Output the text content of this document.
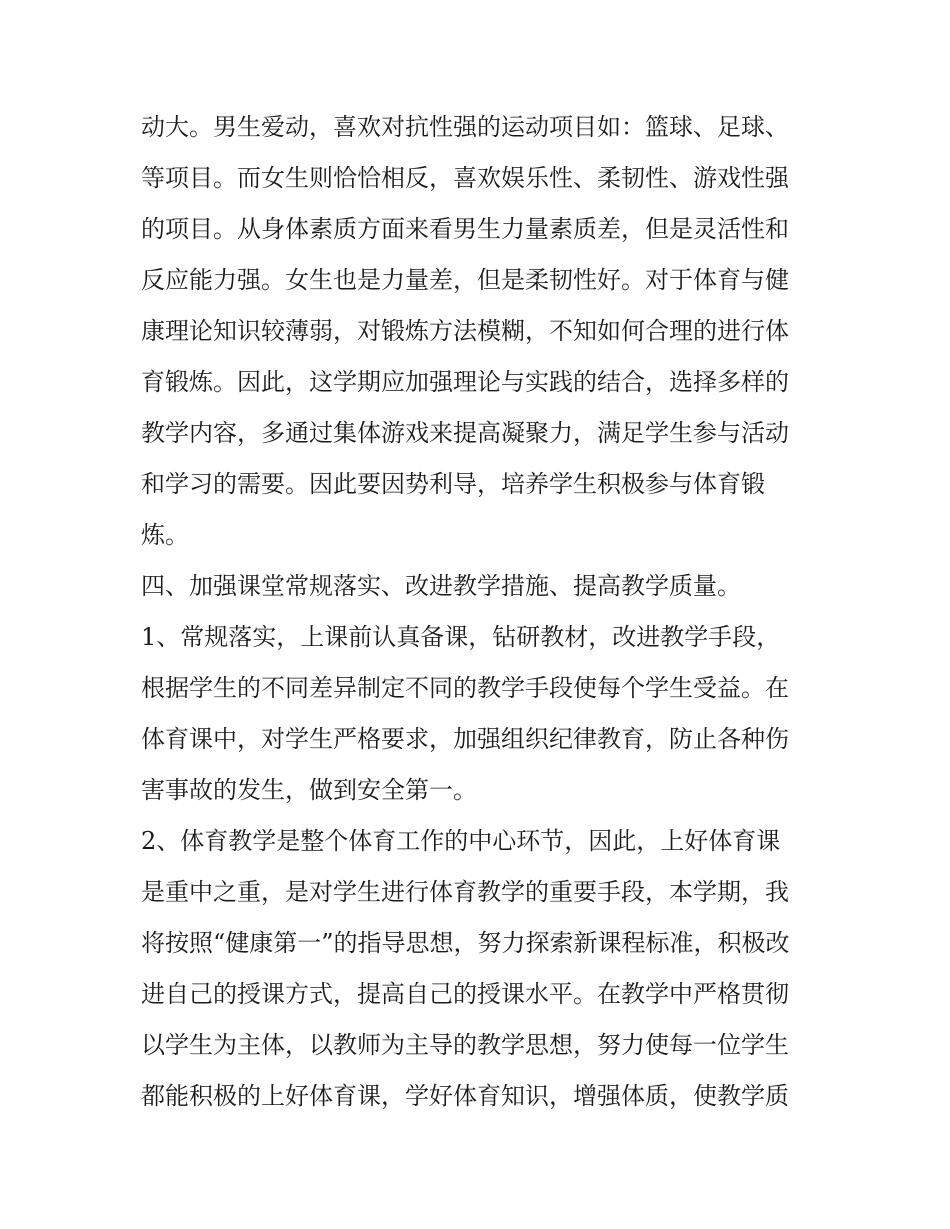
动大。男生爱动，喜欢对抗性强的运动项目如：篮球、足球、
等项目。而女生则恰恰相反，喜欢娱乐性、柔韧性、游戏性强
的项目。从身体素质方面来看男生力量素质差，但是灵活性和
反应能力强。女生也是力量差，但是柔韧性好。对于体育与健
康理论知识较薄弱，对锻炼方法模糊，不知如何合理的进行体
育锻炼。因此，这学期应加强理论与实践的结合，选择多样的
教学内容，多通过集体游戏来提高凝聚力，满足学生参与活动
和学习的需要。因此要因势利导，培养学生积极参与体育锻
炼。
四、加强课堂常规落实、改进教学措施、提高教学质量。
1、常规落实，上课前认真备课，钻研教材，改进教学手段，
根据学生的不同差异制定不同的教学手段使每个学生受益。在
体育课中，对学生严格要求，加强组织纪律教育，防止各种伤
害事故的发生，做到安全第一。
2、体育教学是整个体育工作的中心环节，因此，上好体育课
是重中之重，是对学生进行体育教学的重要手段，本学期，我
将按照“健康第一”的指导思想，努力探索新课程标准，积极改
进自己的授课方式，提高自己的授课水平。在教学中严格贯彻
以学生为主体，以教师为主导的教学思想，努力使每一位学生
都能积极的上好体育课，学好体育知识，增强体质，使教学质
